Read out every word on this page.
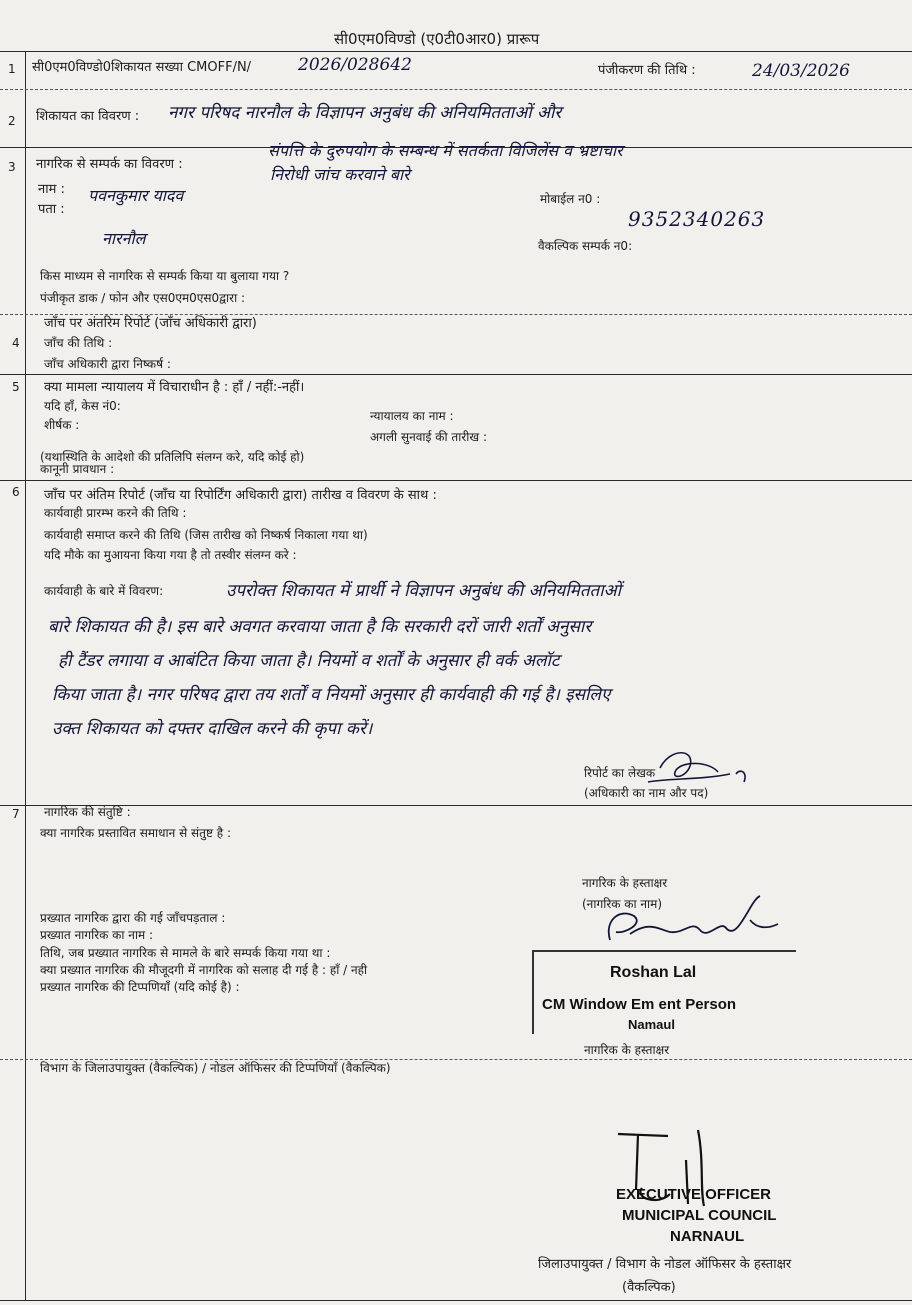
सी0एम0विण्डो (ए0टी0आर0) प्रारूप
1 सी0एम0विण्डो0शिकायत सख्या CMOFF/N/	2026/028642	पंजीकरण की तिथि :	24/03/2026
2 शिकायत का विवरण : नगर परिषद नारनौल के विज्ञापन अनुबंध की अनियमितताओं और
संपत्ति के दुरुपयोग के सम्बन्ध में सतर्कता विजिलेंस व भ्रष्टाचार
निरोधी जांच करवाने बारे
3 नागरिक से सम्पर्क का विवरण :
नाम : पवनकुमार यादव
पता :
नारनौल
मोबाईल न0 :
9352340263
वैकल्पिक सम्पर्क न0:
किस माध्यम से नागरिक से सम्पर्क किया या बुलाया गया ?
पंजीकृत डाक / फोन और एस0एम0एस0द्वारा :
जाँच पर अंतरिम रिपोर्ट (जाँच अधिकारी द्वारा)
4 जाँच की तिथि :
जाँच अधिकारी द्वारा निष्कर्ष :
5 क्या मामला न्यायालय में विचाराधीन है : हाँ / नहीं:-नहीं।
यदि हाँ, केस नं0:
न्यायालय का नाम :
शीर्षक :
अगली सुनवाई की तारीख :
(यथास्थिति के आदेशो की प्रतिलिपि संलग्न करे, यदि कोई हो)
कानूनी प्रावधान :
6 जाँच पर अंतिम रिपोर्ट (जाँच या रिपोर्टिंग अधिकारी द्वारा) तारीख व विवरण के साथ :
कार्यवाही प्रारम्भ करने की तिथि :
कार्यवाही समाप्त करने की तिथि (जिस तारीख को निष्कर्ष निकाला गया था)
यदि मौके का मुआयना किया गया है तो तस्वीर संलग्न करे :
कार्यवाही के बारे में विवरण:	उपरोक्त शिकायत में प्रार्थी ने विज्ञापन अनुबंध की अनियमितताओं
बारे शिकायत की है। इस बारे अवगत करवाया जाता है कि सरकारी दरों जारी शर्तों अनुसार
ही टैंडर लगाया व आबंटित किया जाता है। नियमों व शर्तों के अनुसार ही वर्क अलॉट
किया जाता है। नगर परिषद द्वारा तय शर्तों व नियमों अनुसार ही कार्यवाही की गई है। इसलिए
उक्त शिकायत को दफ्तर दाखिल करने की कृपा करें।
रिपोर्ट का लेखक
(अधिकारी का नाम और पद)
7 नागरिक की संतुष्टि :
क्या नागरिक प्रस्तावित समाधान से संतुष्ट है :
नागरिक के हस्ताक्षर
(नागरिक का नाम)
प्रख्यात नागरिक द्वारा की गई जाँचपड़ताल :
प्रख्यात नागरिक का नाम :
तिथि, जब प्रख्यात नागरिक से मामले के बारे सम्पर्क किया गया था :
क्या प्रख्यात नागरिक की मौजूदगी में नागरिक को सलाह दी गई है : हाँ / नही
प्रख्यात नागरिक की टिप्पणियाँ (यदि कोई है) :
Roshan Lal
CM Window Em ent Person
Namaul
नागरिक के हस्ताक्षर
विभाग के जिलाउपायुक्त (वैकल्पिक) / नोडल ऑफिसर की टिप्पणियाँ (वैकल्पिक)
EXECUTIVE OFFICER
MUNICIPAL COUNCIL
NARNAUL
जिलाउपायुक्त / विभाग के नोडल ऑफिसर के हस्ताक्षर
(वैकल्पिक)
